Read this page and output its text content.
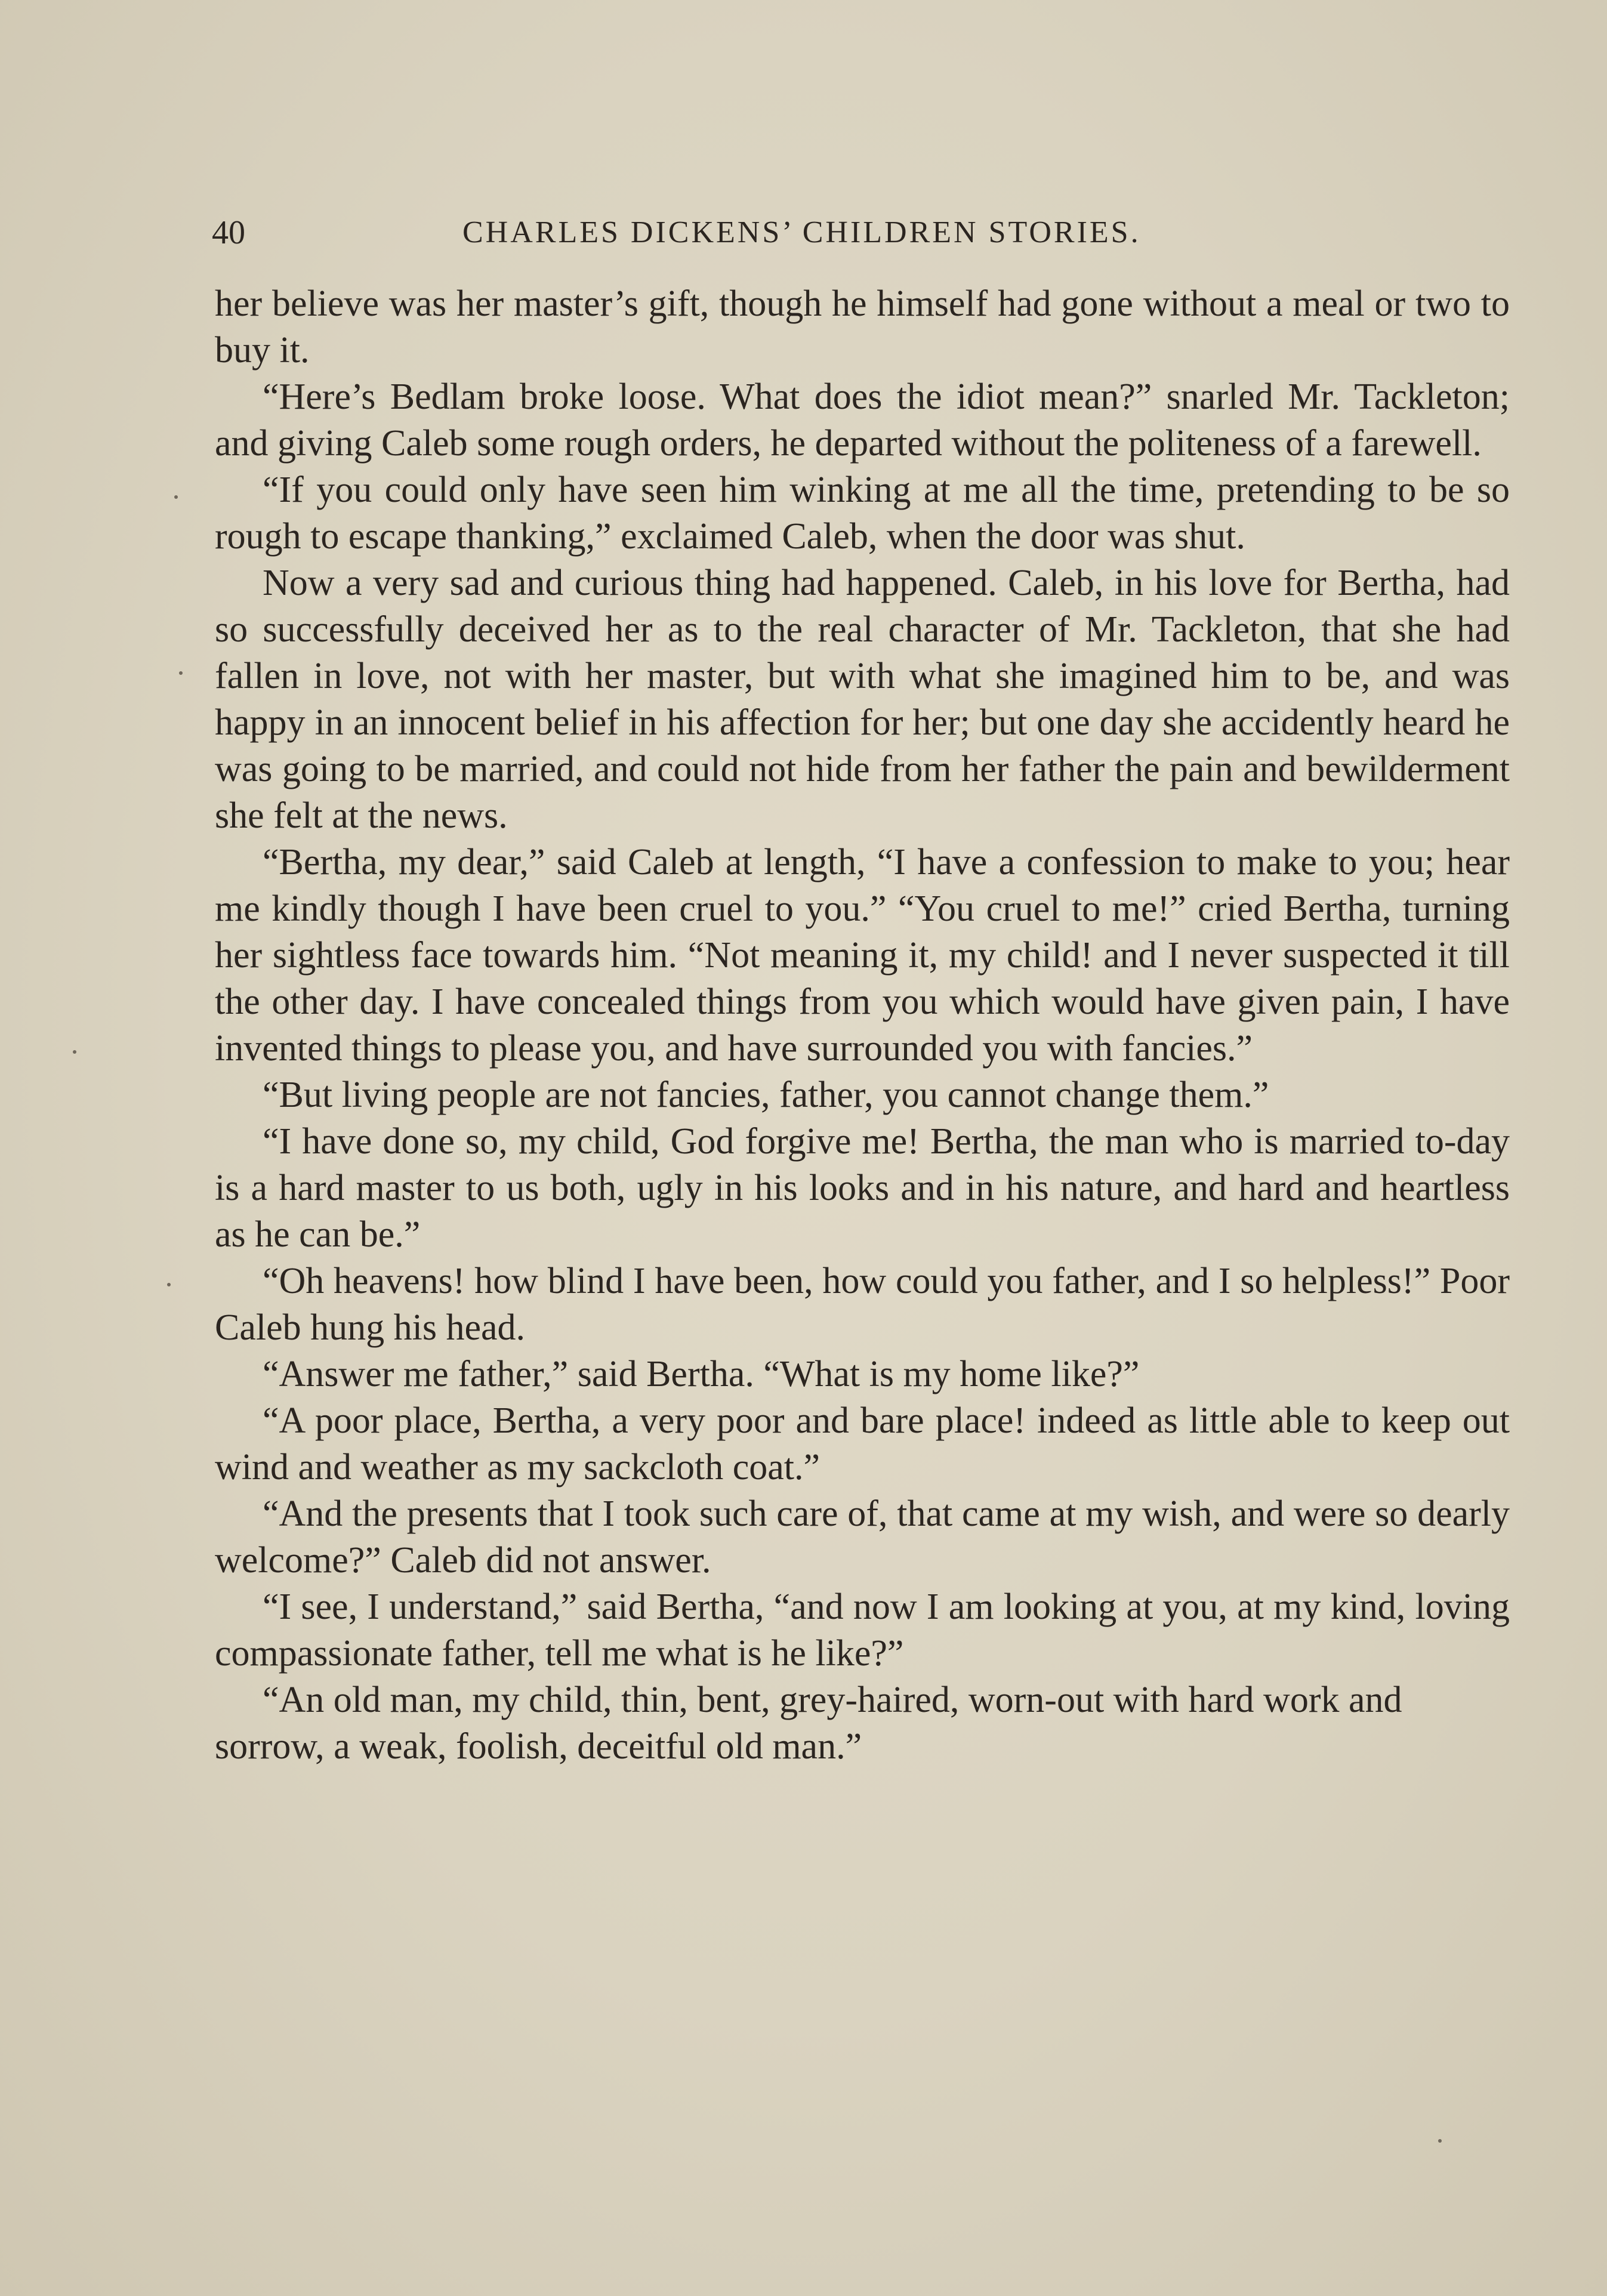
40	CHARLES DICKENS’ CHILDREN STORIES.

her believe was her master’s gift, though he himself had gone without a meal or two to buy it.

“Here’s Bedlam broke loose. What does the idiot mean?” snarled Mr. Tackleton; and giving Caleb some rough orders, he departed without the politeness of a farewell.

“If you could only have seen him winking at me all the time, pretending to be so rough to escape thanking,” exclaimed Caleb, when the door was shut.

Now a very sad and curious thing had happened. Caleb, in his love for Bertha, had so successfully deceived her as to the real character of Mr. Tackleton, that she had fallen in love, not with her master, but with what she imagined him to be, and was happy in an innocent belief in his affection for her; but one day she accidently heard he was going to be married, and could not hide from her father the pain and bewilderment she felt at the news.

“Bertha, my dear,” said Caleb at length, “I have a confession to make to you; hear me kindly though I have been cruel to you.” “You cruel to me!” cried Bertha, turning her sightless face towards him. “Not meaning it, my child! and I never suspected it till the other day. I have concealed things from you which would have given pain, I have invented things to please you, and have surrounded you with fancies.”

“But living people are not fancies, father, you cannot change them.”

“I have done so, my child, God forgive me! Bertha, the man who is married to-day is a hard master to us both, ugly in his looks and in his nature, and hard and heartless as he can be.”

“Oh heavens! how blind I have been, how could you father, and I so helpless!” Poor Caleb hung his head.

“Answer me father,” said Bertha. “What is my home like?”

“A poor place, Bertha, a very poor and bare place! indeed as little able to keep out wind and weather as my sackcloth coat.”

“And the presents that I took such care of, that came at my wish, and were so dearly welcome?” Caleb did not answer.

“I see, I understand,” said Bertha, “and now I am looking at you, at my kind, loving compassionate father, tell me what is he like?”

“An old man, my child, thin, bent, grey-haired, worn-out with hard work and sorrow, a weak, foolish, deceitful old man.”
